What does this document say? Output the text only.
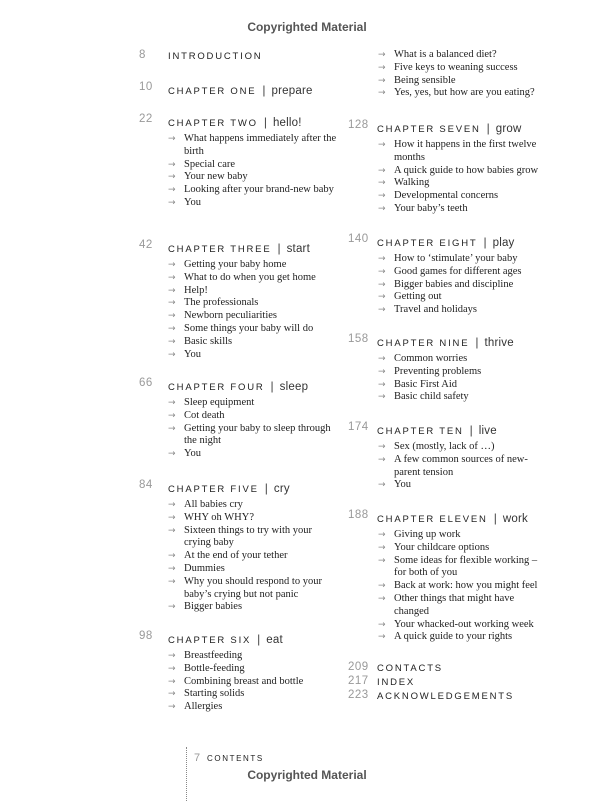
Copyrighted Material
8	INTRODUCTION
10	CHAPTER ONE | prepare
22	CHAPTER TWO | hello!
→ What happens immediately after the birth
→ Special care
→ Your new baby
→ Looking after your brand-new baby
→ You
42	CHAPTER THREE | start
→ Getting your baby home
→ What to do when you get home
→ Help!
→ The professionals
→ Newborn peculiarities
→ Some things your baby will do
→ Basic skills
→ You
66	CHAPTER FOUR | sleep
→ Sleep equipment
→ Cot death
→ Getting your baby to sleep through the night
→ You
84	CHAPTER FIVE | cry
→ All babies cry
→ WHY oh WHY?
→ Sixteen things to try with your crying baby
→ At the end of your tether
→ Dummies
→ Why you should respond to your baby’s crying but not panic
→ Bigger babies
98	CHAPTER SIX | eat
→ Breastfeeding
→ Bottle-feeding
→ Combining breast and bottle
→ Starting solids
→ Allergies
→ What is a balanced diet?
→ Five keys to weaning success
→ Being sensible
→ Yes, yes, but how are you eating?
128 CHAPTER SEVEN | grow
→ How it happens in the first twelve months
→ A quick guide to how babies grow
→ Walking
→ Developmental concerns
→ Your baby’s teeth
140 CHAPTER EIGHT | play
→ How to ‘stimulate’ your baby
→ Good games for different ages
→ Bigger babies and discipline
→ Getting out
→ Travel and holidays
158 CHAPTER NINE | thrive
→ Common worries
→ Preventing problems
→ Basic First Aid
→ Basic child safety
174 CHAPTER TEN | live
→ Sex (mostly, lack of …)
→ A few common sources of new-parent tension
→ You
188 CHAPTER ELEVEN | work
→ Giving up work
→ Your childcare options
→ Some ideas for flexible working – for both of you
→ Back at work: how you might feel
→ Other things that might have changed
→ Your whacked-out working week
→ A quick guide to your rights
209 CONTACTS
217 INDEX
223 ACKNOWLEDGEMENTS
7 CONTENTS
Copyrighted Material
